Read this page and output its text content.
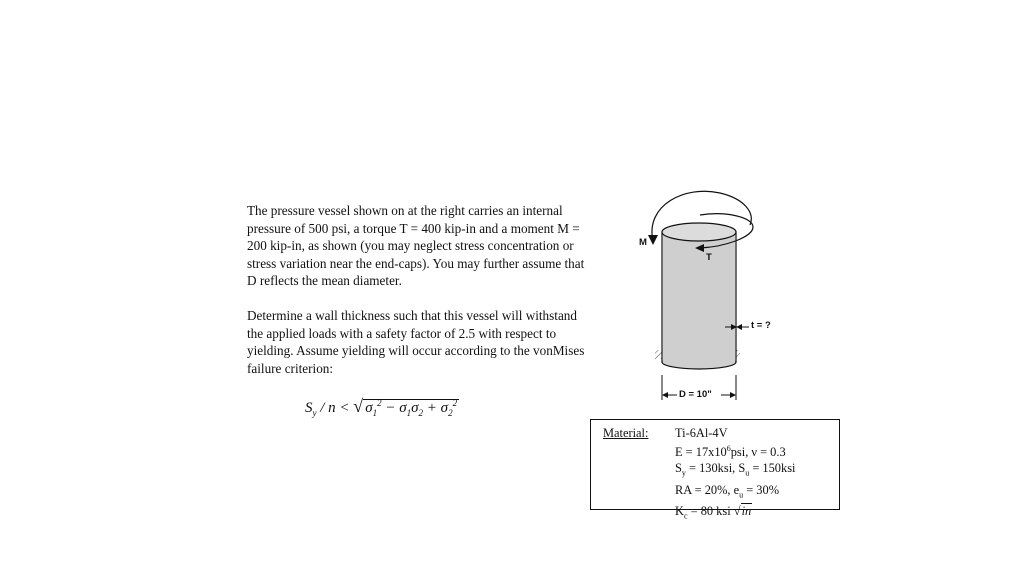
The pressure vessel shown on at the right carries an internal pressure of 500 psi, a torque T = 400 kip-in and a moment M = 200 kip-in, as shown (you may neglect stress concentration or stress variation near the end-caps). You may further assume that D reflects the mean diameter.

Determine a wall thickness such that this vessel will withstand the applied loads with a safety factor of 2.5 with respect to yielding. Assume yielding will occur according to the vonMises failure criterion:

$S_y$ / n < √ $\sigma_1^2 - \sigma_1\sigma_2 + \sigma_2^2$
M
T
t = ?
D = 10"
Material: Ti-6Al-4V
$E = 17x10^6psi$, ν = 0.3
$S_y = 130ksi$, $S_u = 150ksi$
RA = 20%, $e_u = 30\%$
$K_c = 80$ ksi √in
